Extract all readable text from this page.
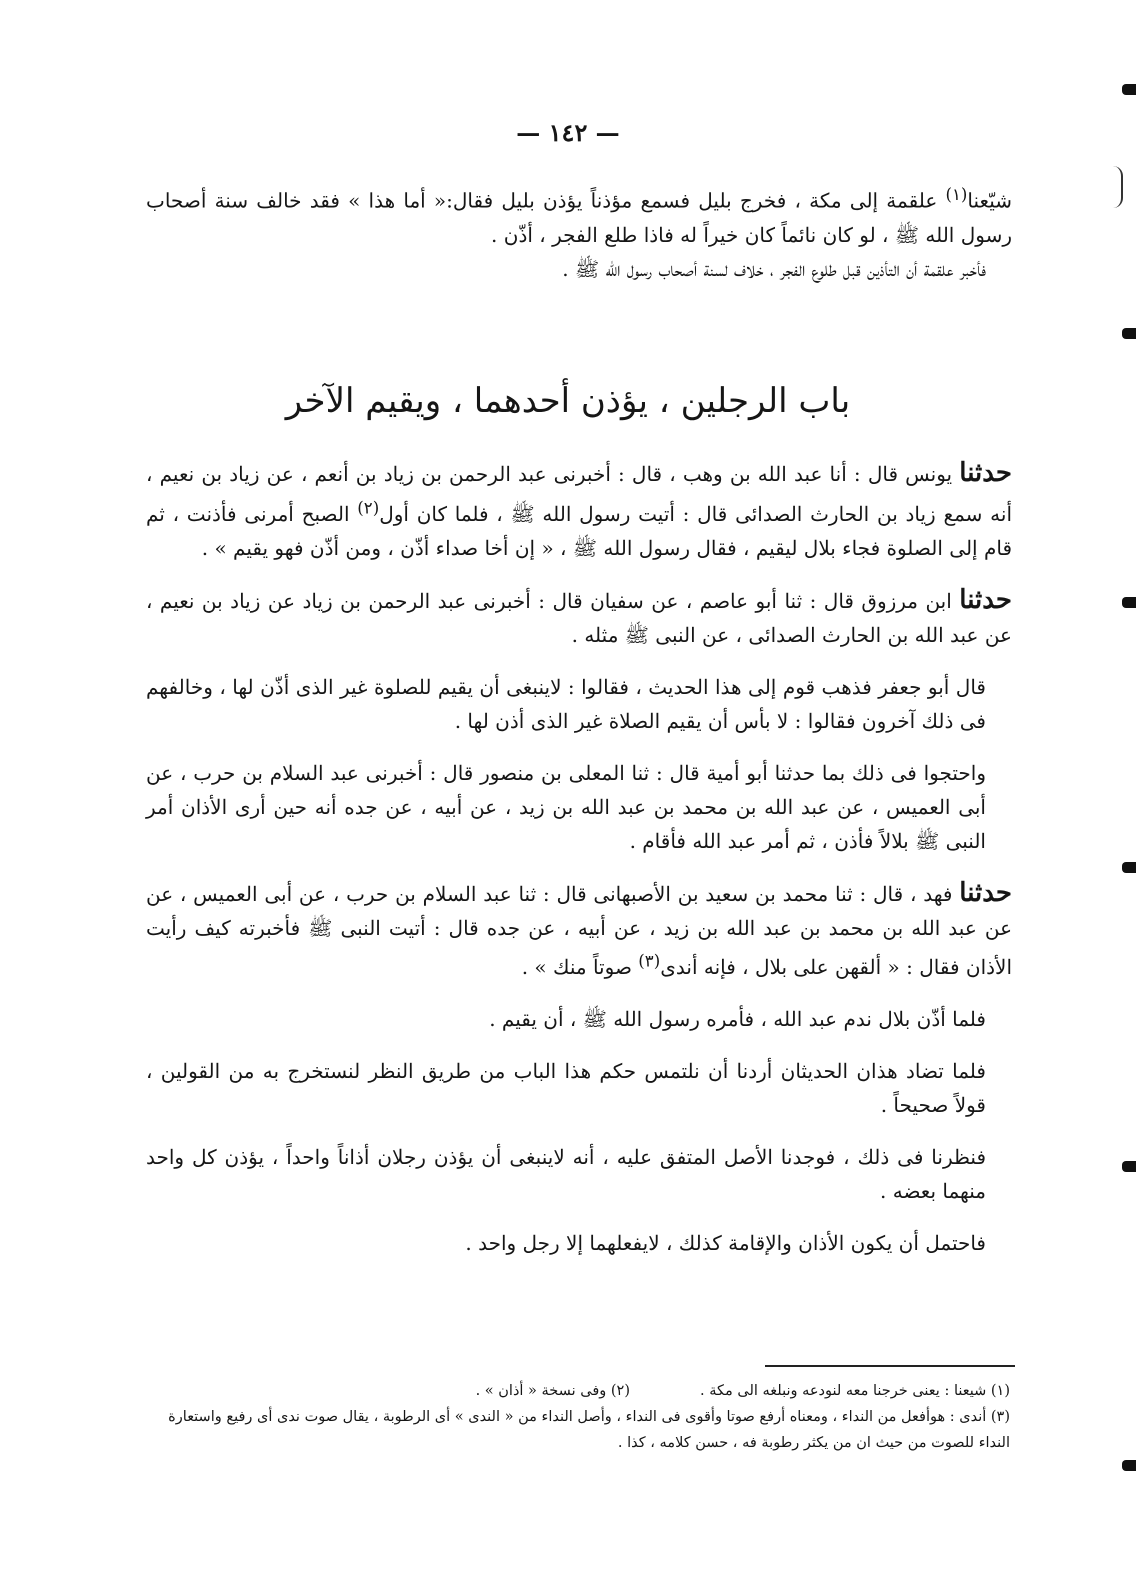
— ١٤٢ —

شيّعنا$^{(١)}$ علقمة إلى مكة ، فخرج بليل فسمع مؤذناً يؤذن بليل فقال:« أما هذا » فقد خالف سنة أصحاب رسول الله ﷺ ، لو كان نائماً كان خيراً له فاذا طلع الفجر ، أذّن .

فأخبر علقمة أن التأذين قبل طلوع الفجر ، خلاف لسنة أصحاب رسول الله ﷺ .

باب الرجلين ، يؤذن أحدهما ، ويقيم الآخر

حدثنا يونس قال : أنا عبد الله بن وهب ، قال : أخبرنى عبد الرحمن بن زياد بن أنعم ، عن زياد بن نعيم ، أنه سمع زياد بن الحارث الصدائى قال : أتيت رسول الله ﷺ ، فلما كان أول$^{(٢)}$ الصبح أمرنى فأذنت ، ثم قام إلى الصلوة فجاء بلال ليقيم ، فقال رسول الله ﷺ ، « إن أخا صداء أذّن ، ومن أذّن فهو يقيم » .

حدثنا ابن مرزوق قال : ثنا أبو عاصم ، عن سفيان قال : أخبرنى عبد الرحمن بن زياد عن زياد بن نعيم ، عن عبد الله بن الحارث الصدائى ، عن النبى ﷺ مثله .

قال أبو جعفر فذهب قوم إلى هذا الحديث ، فقالوا : لاينبغى أن يقيم للصلوة غير الذى أذّن لها ، وخالفهم فى ذلك آخرون فقالوا : لا بأس أن يقيم الصلاة غير الذى أذن لها .

واحتجوا فى ذلك بما حدثنا أبو أمية قال : ثنا المعلى بن منصور قال : أخبرنى عبد السلام بن حرب ، عن أبى العميس ، عن عبد الله بن محمد بن عبد الله بن زيد ، عن أبيه ، عن جده أنه حين أرى الأذان أمر النبى ﷺ بلالاً فأذن ، ثم أمر عبد الله فأقام .

حدثنا فهد ، قال : ثنا محمد بن سعيد بن الأصبهانى قال : ثنا عبد السلام بن حرب ، عن أبى العميس ، عن عن عبد الله بن محمد بن عبد الله بن زيد ، عن أبيه ، عن جده قال : أتيت النبى ﷺ فأخبرته كيف رأيت الأذان فقال : « ألقهن على بلال ، فإنه أندى$^{(٣)}$ صوتاً منك » .

فلما أذّن بلال ندم عبد الله ، فأمره رسول الله ﷺ ، أن يقيم .

فلما تضاد هذان الحديثان أردنا أن نلتمس حكم هذا الباب من طريق النظر لنستخرج به من القولين ، قولاً صحيحاً .

فنظرنا فى ذلك ، فوجدنا الأصل المتفق عليه ، أنه لاينبغى أن يؤذن رجلان أذاناً واحداً ، يؤذن كل واحد منهما بعضه .

فاحتمل أن يكون الأذان والإقامة كذلك ، لايفعلهما إلا رجل واحد .

(١) شيعنا : يعنى خرجنا معه لنودعه ونبلغه الى مكة .(٢) وفى نسخة « أذان » .

(٣) أندى : هوأفعل من النداء ، ومعناه أرفع صوتا وأقوى فى النداء ، وأصل النداء من « الندى » أى الرطوبة ، يقال صوت ندى أى رفيع واستعارة النداء للصوت من حيث ان من يكثر رطوبة فه ، حسن كلامه ، كذا .
